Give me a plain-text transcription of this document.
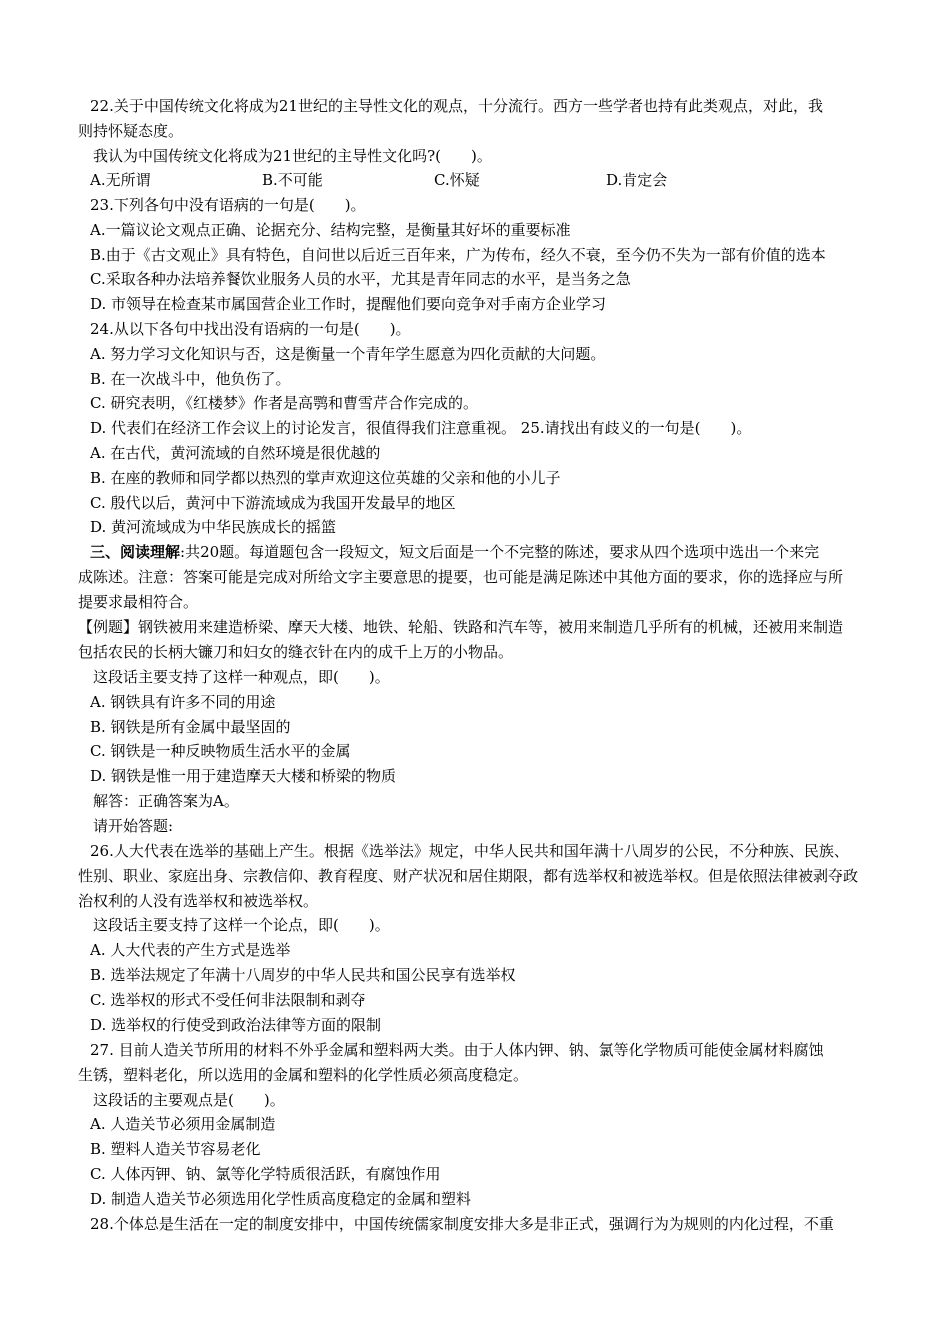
22.关于中国传统文化将成为21世纪的主导性文化的观点，十分流行。西方一些学者也持有此类观点，对此，我
则持怀疑态度。
我认为中国传统文化将成为21世纪的主导性文化吗?(　　)。
A.无所谓	B.不可能	C.怀疑	D.肯定会
23.下列各句中没有语病的一句是(　　)。
A.一篇议论文观点正确、论据充分、结构完整，是衡量其好坏的重要标准
B.由于《古文观止》具有特色，自问世以后近三百年来，广为传布，经久不衰，至今仍不失为一部有价值的选本
C.采取各种办法培养餐饮业服务人员的水平，尤其是青年同志的水平，是当务之急
D. 市领导在检查某市属国营企业工作时，提醒他们要向竞争对手南方企业学习
24.从以下各句中找出没有语病的一句是(　　)。
A. 努力学习文化知识与否，这是衡量一个青年学生愿意为四化贡献的大问题。
B. 在一次战斗中，他负伤了。
C. 研究表明，《红楼梦》作者是高鹗和曹雪芹合作完成的。
D. 代表们在经济工作会议上的讨论发言，很值得我们注意重视。 25.请找出有歧义的一句是(　　)。
A. 在古代，黄河流域的自然环境是很优越的
B. 在座的教师和同学都以热烈的掌声欢迎这位英雄的父亲和他的小儿子
C. 殷代以后，黄河中下游流域成为我国开发最早的地区
D. 黄河流域成为中华民族成长的摇篮
三、阅读理解:共20题。每道题包含一段短文，短文后面是一个不完整的陈述，要求从四个选项中选出一个来完
成陈述。注意：答案可能是完成对所给文字主要意思的提要，也可能是满足陈述中其他方面的要求，你的选择应与所
提要求最相符合。
【例题】钢铁被用来建造桥梁、摩天大楼、地铁、轮船、铁路和汽车等，被用来制造几乎所有的机械，还被用来制造
包括农民的长柄大镰刀和妇女的缝衣针在内的成千上万的小物品。
这段话主要支持了这样一种观点，即(　　)。
A. 钢铁具有许多不同的用途
B. 钢铁是所有金属中最坚固的
C. 钢铁是一种反映物质生活水平的金属
D. 钢铁是惟一用于建造摩天大楼和桥梁的物质
解答：正确答案为A。
请开始答题:
26.人大代表在选举的基础上产生。根据《选举法》规定，中华人民共和国年满十八周岁的公民，不分种族、民族、
性别、职业、家庭出身、宗教信仰、教育程度、财产状况和居住期限，都有选举权和被选举权。但是依照法律被剥夺政
治权利的人没有选举权和被选举权。
这段话主要支持了这样一个论点，即(　　)。
A. 人大代表的产生方式是选举
B. 选举法规定了年满十八周岁的中华人民共和国公民享有选举权
C. 选举权的形式不受任何非法限制和剥夺
D. 选举权的行使受到政治法律等方面的限制
27. 目前人造关节所用的材料不外乎金属和塑料两大类。由于人体内钾、钠、氯等化学物质可能使金属材料腐蚀
生锈，塑料老化，所以选用的金属和塑料的化学性质必须高度稳定。
这段话的主要观点是(　　)。
A. 人造关节必须用金属制造
B. 塑料人造关节容易老化
C. 人体丙钾、钠、氯等化学特质很活跃，有腐蚀作用
D. 制造人造关节必须选用化学性质高度稳定的金属和塑料
28.个体总是生活在一定的制度安排中，中国传统儒家制度安排大多是非正式，强调行为为规则的内化过程，不重
